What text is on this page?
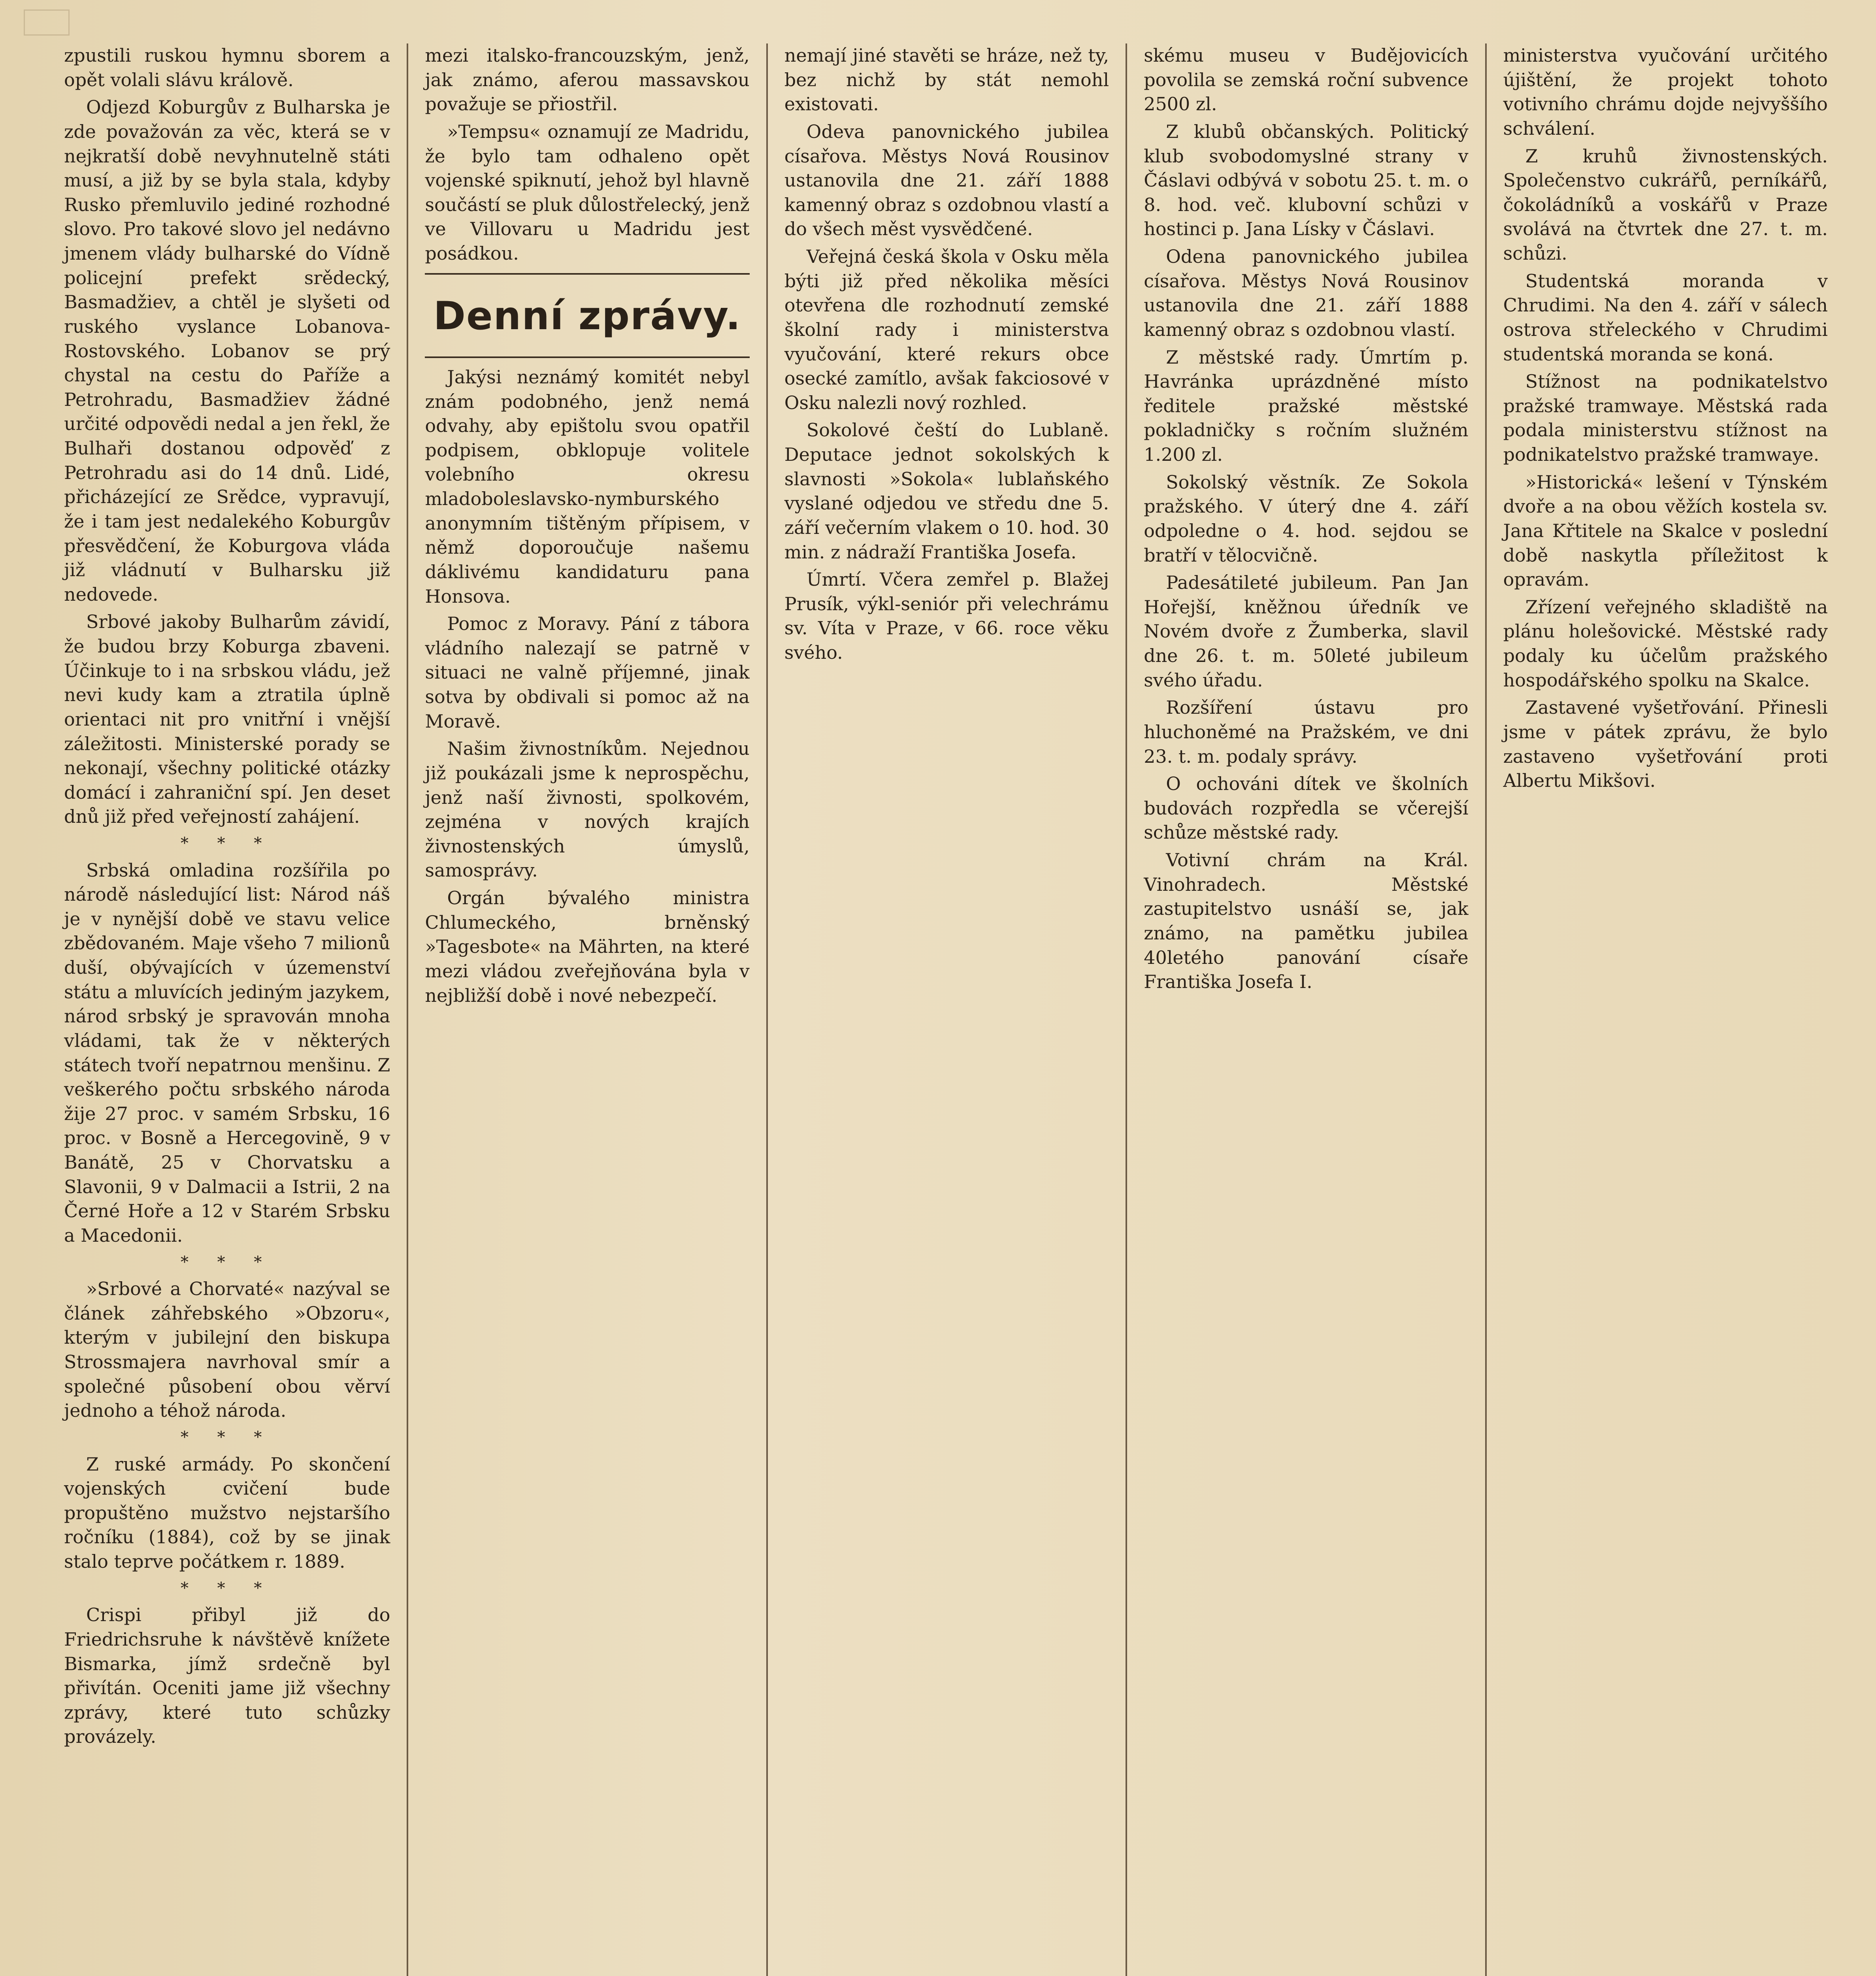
zpustili ruskou hymnu sborem a opět volali slávu králově.

Odjezd Koburgův z Bulharska je zde považován za věc, která se v nejkratší době nevyhnutelně státi musí, a již by se byla stala, kdyby Rusko přemluvilo jediné rozhodné slovo. Pro takové slovo jel nedávno jmenem vlády bulharské do Vídně policejní prefekt srědecký, Basmadžiev, a chtěl je slyšeti od ruského vyslance Lobanova-Rostovského. Lobanov se prý chystal na cestu do Paříže a Petrohradu, Basmadžiev žádné určité odpovědi nedal a jen řekl, že Bulhaři dostanou odpověď z Petrohradu asi do 14 dnů. Lidé, přicházející ze Srědce, vypravují, že i tam jest nedalekého Koburgův přesvědčení, že Koburgova vláda již vládnutí v Bulharsku již nedovede.

Srbové jakoby Bulharům závidí, že budou brzy Koburga zbaveni. Účinkuje to i na srbskou vládu, jež nevi kudy kam a ztratila úplně orientaci nit pro vnitřní i vnější záležitosti. Ministerské porady se nekonají, všechny politické otázky domácí i zahraniční spí. Jen deset dnů již před veřejností zahájení.

* * *

Srbská omladina rozšířila po národě následující list: Národ náš je v nynější době ve stavu velice zbědovaném. Maje všeho 7 milionů duší, obývajících v územenství státu a mluvících jediným jazykem, národ srbský je spravován mnoha vládami, tak že v některých státech tvoří nepatrnou menšinu. Z veškerého počtu srbského národa žije 27 proc. v samém Srbsku, 16 proc. v Bosně a Hercegovině, 9 v Banátě, 25 v Chorvatsku a Slavonii, 9 v Dalmacii a Istrii, 2 na Černé Hoře a 12 v Starém Srbsku a Macedonii.

* * *

»Srbové a Chorvaté« nazýval se článek záhřebského »Obzoru«, kterým v jubilejní den biskupa Strossmajera navrhoval smír a společné působení obou věrví jednoho a téhož národa.

* * *

Z ruské armády. Po skončení vojenských cvičení bude propuštěno mužstvo nejstaršího ročníku (1884), což by se jinak stalo teprve počátkem r. 1889.

* * *

Crispi přibyl již do Friedrichsruhe k návštěvě knížete Bismarka, jímž srdečně byl přivítán. Oceniti jame již všechny zprávy, které tuto schůzky provázely.

mezi italsko-francouzským, jenž, jak známo, aferou massavskou považuje se přiostřil.

»Tempsu« oznamují ze Madridu, že bylo tam odhaleno opět vojenské spiknutí, jehož byl hlavně součástí se pluk důlostřelecký, jenž ve Villovaru u Madridu jest posádkou.

Denní zprávy.

Jakýsi neznámý komitét nebyl znám podobného, jenž nemá odvahy, aby epištolu svou opatřil podpisem, obklopuje volitele volebního okresu mladoboleslavsko-nymburského anonymním tištěným přípisem, v němž doporoučuje našemu dáklivému kandidaturu pana Honsova.

Pomoc z Moravy. Pání z tábora vládního nalezají se patrně v situaci ne valně příjemné, jinak sotva by obdivali si pomoc až na Moravě.

Našim živnostníkům. Nejednou již poukázali jsme k neprospěchu, jenž naší živnosti, spolkovém, zejména v nových krajích živnostenských úmyslů, samosprávy.

Orgán bývalého ministra Chlumeckého, brněnský »Tagesbote« na Mährten, na které mezi vládou zveřejňována byla v nejbližší době i nové nebezpečí.

nemají jiné stavěti se hráze, než ty, bez nichž by stát nemohl existovati.

Odeva panovnického jubilea císařova. Městys Nová Rousinov ustanovila dne 21. září 1888 kamenný obraz s ozdobnou vlastí a do všech měst vysvědčené.

Veřejná česká škola v Osku měla býti již před několika měsíci otevřena dle rozhodnutí zemské školní rady i ministerstva vyučování, které rekurs obce osecké zamítlo, avšak fakciosové v Osku nalezli nový rozhled.

Sokolové čeští do Lublaně. Deputace jednot sokolských k slavnosti »Sokola« lublaňského vyslané odjedou ve středu dne 5. září večerním vlakem o 10. hod. 30 min. z nádraží Františka Josefa.

Úmrtí. Včera zemřel p. Blažej Prusík, výkl-seniór při velechrámu sv. Víta v Praze, v 66. roce věku svého.

skému museu v Budějovicích povolila se zemská roční subvence 2500 zl.

Z klubů občanských. Politický klub svobodomyslné strany v Čáslavi odbývá v sobotu 25. t. m. o 8. hod. več. klubovní schůzi v hostinci p. Jana Lísky v Čáslavi.

Odena panovnického jubilea císařova. Městys Nová Rousinov ustanovila dne 21. září 1888 kamenný obraz s ozdobnou vlastí.

Z městské rady. Úmrtím p. Havránka uprázdněné místo ředitele pražské městské pokladničky s ročním služném 1.200 zl.

Sokolský věstník. Ze Sokola pražského. V úterý dne 4. září odpoledne o 4. hod. sejdou se bratří v tělocvičně.

Padesátileté jubileum. Pan Jan Hořejší, kněžnou úředník ve Novém dvoře z Žumberka, slavil dne 26. t. m. 50leté jubileum svého úřadu.

Rozšíření ústavu pro hluchoněmé na Pražském, ve dni 23. t. m. podaly správy.

O ochováni dítek ve školních budovách rozpředla se včerejší schůze městské rady.

Votivní chrám na Král. Vinohradech. Městské zastupitelstvo usnáší se, jak známo, na pamětku jubilea 40letého panování císaře Františka Josefa I.

ministerstva vyučování určitého újištění, že projekt tohoto votivního chrámu dojde nejvyššího schválení.

Z kruhů živnostenských. Společenstvo cukrářů, perníkářů, čokoládníků a voskářů v Praze svolává na čtvrtek dne 27. t. m. schůzi.

Studentská moranda v Chrudimi. Na den 4. září v sálech ostrova střeleckého v Chrudimi studentská moranda se koná.

Stížnost na podnikatelstvo pražské tramwaye. Městská rada podala ministerstvu stížnost na podnikatelstvo pražské tramwaye.

»Historická« lešení v Týnském dvoře a na obou věžích kostela sv. Jana Křtitele na Skalce v poslední době naskytla příležitost k opravám.

Zřízení veřejného skladiště na plánu holešovické. Městské rady podaly ku účelům pražského hospodářského spolku na Skalce.

Zastavené vyšetřování. Přinesli jsme v pátek zprávu, že bylo zastaveno vyšetřování proti Albertu Mikšovi.
